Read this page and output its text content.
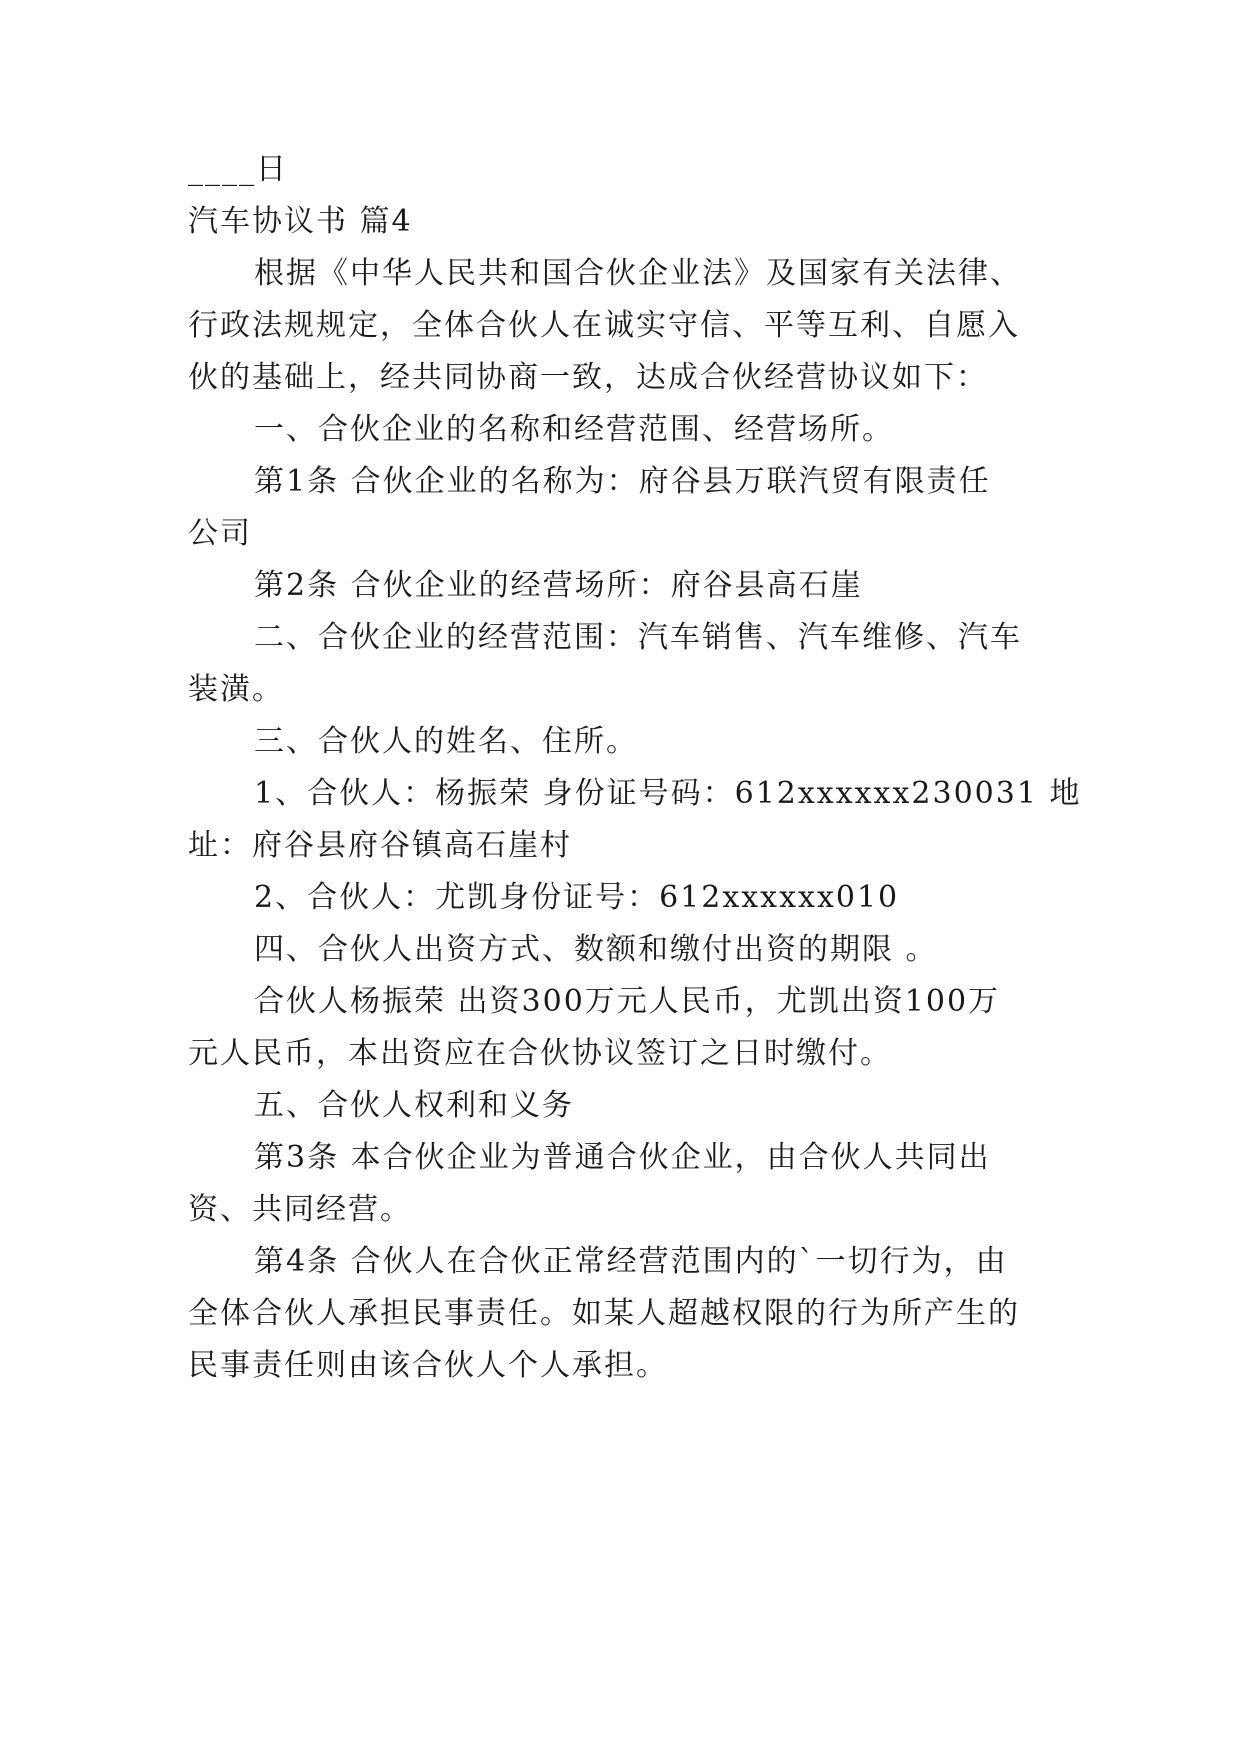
____日

汽车协议书 篇4

根据《中华人民共和国合伙企业法》及国家有关法律、

行政法规规定，全体合伙人在诚实守信、平等互利、自愿入

伙的基础上，经共同协商一致，达成合伙经营协议如下：

一、合伙企业的名称和经营范围、经营场所。

第1条 合伙企业的名称为：府谷县万联汽贸有限责任

公司

第2条 合伙企业的经营场所：府谷县高石崖

二、合伙企业的经营范围：汽车销售、汽车维修、汽车

装潢。

三、合伙人的姓名、住所。

1、合伙人：杨振荣 身份证号码：612xxxxxx230031 地

址：府谷县府谷镇高石崖村

2、合伙人：尤凯身份证号：612xxxxxx010

四、合伙人出资方式、数额和缴付出资的期限 。

合伙人杨振荣 出资300万元人民币，尤凯出资100万

元人民币，本出资应在合伙协议签订之日时缴付。

五、合伙人权利和义务

第3条 本合伙企业为普通合伙企业，由合伙人共同出

资、共同经营。

第4条 合伙人在合伙正常经营范围内的`一切行为，由

全体合伙人承担民事责任。如某人超越权限的行为所产生的

民事责任则由该合伙人个人承担。
